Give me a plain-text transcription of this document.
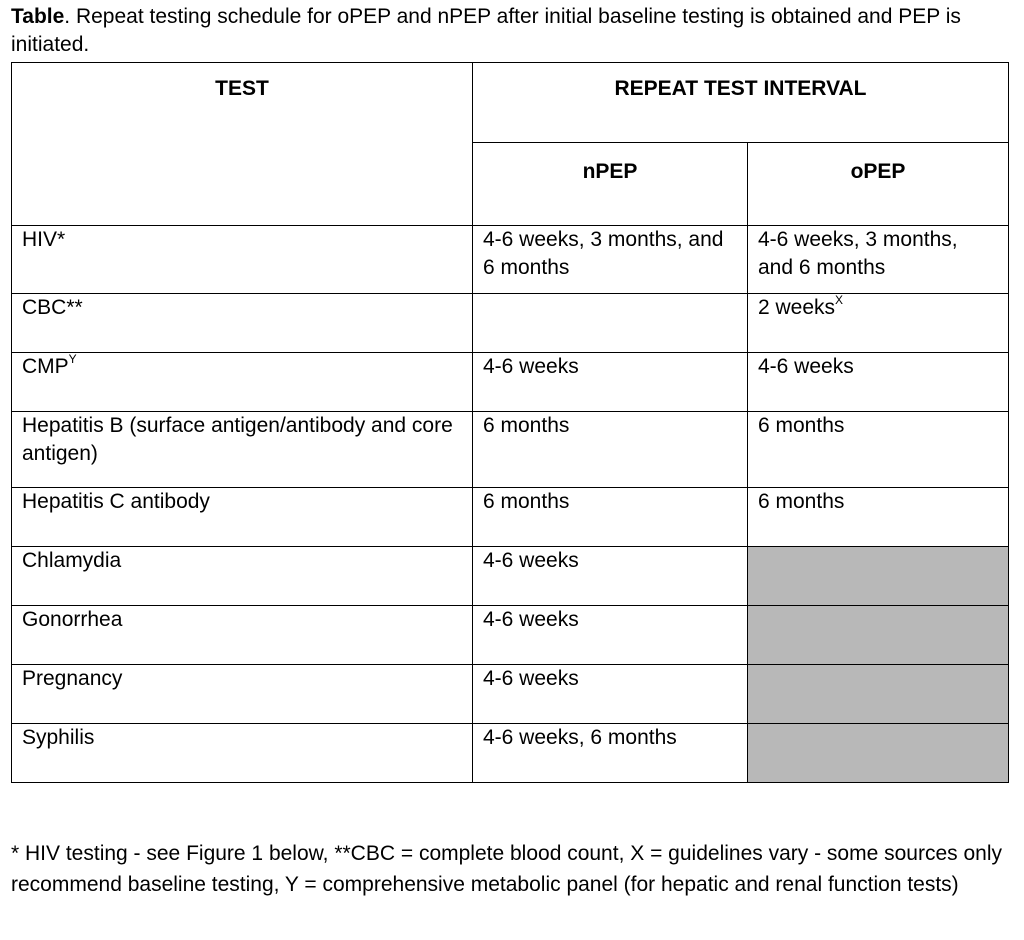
Table. Repeat testing schedule for oPEP and nPEP after initial baseline testing is obtained and PEP is initiated.
TEST	REPEAT TEST INTERVAL	
	nPEP	oPEP
HIV*	4-6 weeks, 3 months, and 6 months	4-6 weeks, 3 months, and 6 months
CBC**		2 weeks$^X$
$CMP^Y$	4-6 weeks	4-6 weeks
Hepatitis B (surface antigen/antibody and core antigen)	6 months	6 months
Hepatitis C antibody	6 months	6 months
Chlamydia	4-6 weeks	
Gonorrhea	4-6 weeks	
Pregnancy	4-6 weeks	
Syphilis	4-6 weeks, 6 months	
* HIV testing - see Figure 1 below, **CBC = complete blood count, X = guidelines vary - some sources only recommend baseline testing, Y = comprehensive metabolic panel (for hepatic and renal function tests)
